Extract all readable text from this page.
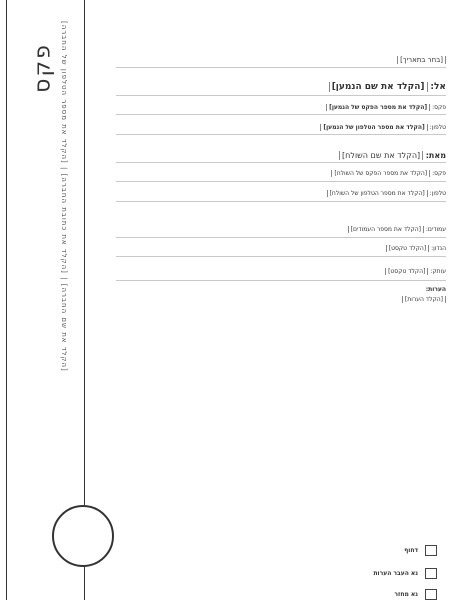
פקס [הקלד את שם החברה] | [הקלד את כתובת החברה] | [הקלד את מספר הטלפון של החברה]	[בחר בתאריך]
אל: [הקלד את שם הנמען]
פקס: [הקלד את מספר הפקס של הנמען]
טלפון: [הקלד את מספר הטלפון של הנמען]
מאת: [הקלד את שם השולח]
פקס: [הקלד את מספר הפקס של השולח]
טלפון: [הקלד את מספר הטלפון של השולח]
עמודים: [הקלד את מספר העמודים]
הנדון: [הקלד טקסט]
עותק: [הקלד טקסט]
הערות:
[הקלד הערות]
דחוף
נא העבר הערות
נא מחזר
